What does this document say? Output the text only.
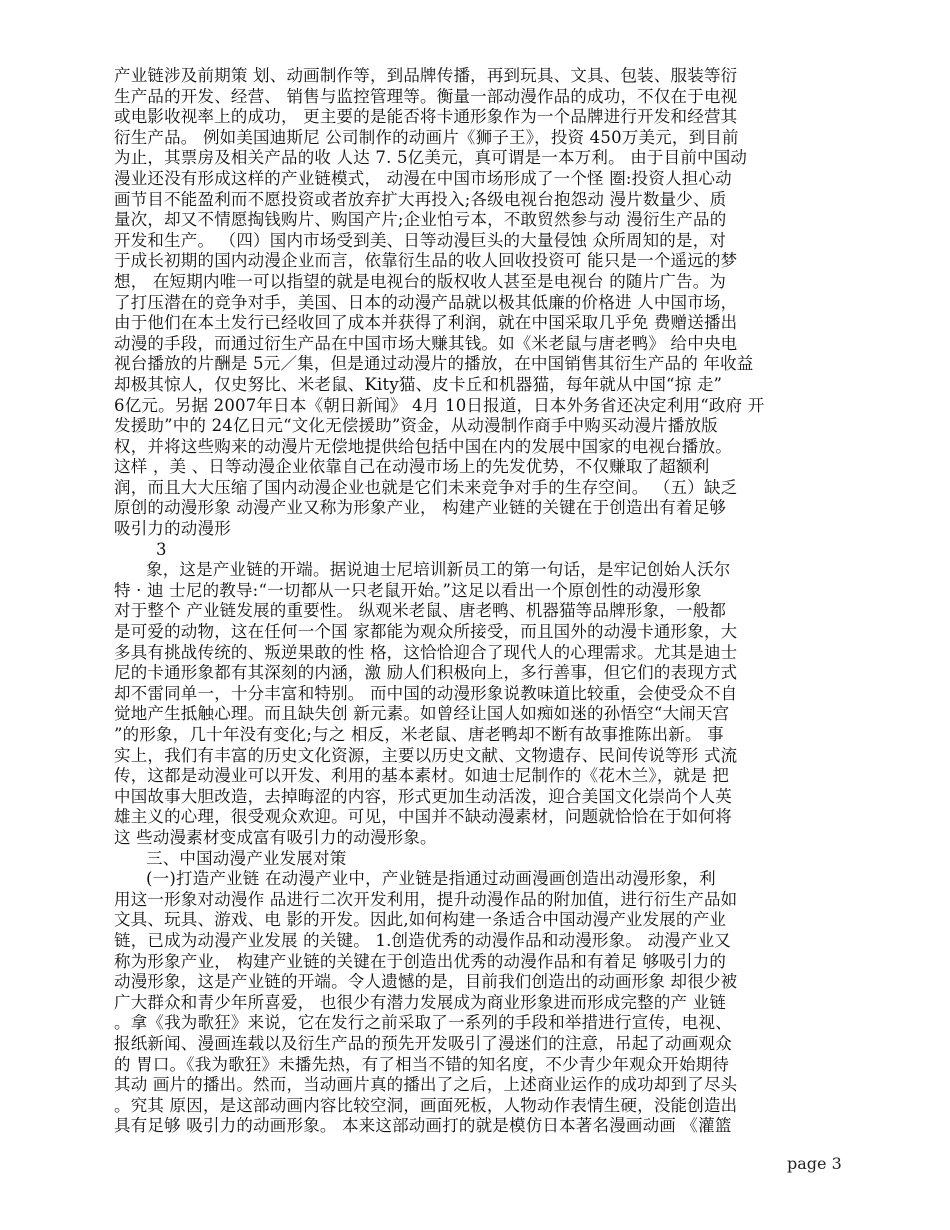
产业链涉及前期策 划、动画制作等，到品牌传播，再到玩具、文具、包装、服装等衍
生产品的开发、经营、 销售与监控管理等。衡量一部动漫作品的成功，不仅在于电视
或电影收视率上的成功， 更主要的是能否将卡通形象作为一个品牌进行开发和经营其
衍生产品。 例如美国迪斯尼 公司制作的动画片《狮子王》，投资 450万美元，到目前
为止，其票房及相关产品的收 人达 7. 5亿美元，真可谓是一本万利。 由于目前中国动
漫业还没有形成这样的产业链模式， 动漫在中国市场形成了一个怪 圈:投资人担心动
画节目不能盈利而不愿投资或者放弃扩大再投入;各级电视台抱怨动 漫片数量少、质
量次，却又不情愿掏钱购片、购国产片;企业怕亏本，不敢贸然参与动 漫衍生产品的
开发和生产。 （四）国内市场受到美、日等动漫巨头的大量侵蚀 众所周知的是，对
于成长初期的国内动漫企业而言，依靠衍生品的收人回收投资可 能只是一个遥远的梦
想， 在短期内唯一可以指望的就是电视台的版权收人甚至是电视台 的随片广告。为
了打压潜在的竞争对手，美国、日本的动漫产品就以极其低廉的价格进 人中国市场，
由于他们在本土发行已经收回了成本并获得了利润，就在中国采取几乎免 费赠送播出
动漫的手段，而通过衍生产品在中国市场大赚其钱。如《米老鼠与唐老鸭》 给中央电
视台播放的片酬是 5元／集，但是通过动漫片的播放，在中国销售其衍生产品的 年收益
却极其惊人，仅史努比、米老鼠、Kity猫、皮卡丘和机器猫，每年就从中国“掠 走”
6亿元。另据 2007年日本《朝日新闻》 4月 10日报道，日本外务省还决定利用“政府 开
发援助”中的 24亿日元“文化无偿援助”资金，从动漫制作商手中购买动漫片播放版
权，并将这些购来的动漫片无偿地提供给包括中国在内的发展中国家的电视台播放。
这样 ，美 、日等动漫企业依靠自己在动漫市场上的先发优势，不仅赚取了超额利
润，而且大大压缩了国内动漫企业也就是它们未来竞争对手的生存空间。 （五）缺乏
原创的动漫形象 动漫产业又称为形象产业， 构建产业链的关键在于创造出有着足够
吸引力的动漫形
3
象，这是产业链的开端。据说迪士尼培训新员工的第一句话，是牢记创始人沃尔
特 · 迪 士尼的教导:“一切都从一只老鼠开始。”这足以看出一个原创性的动漫形象
对于整个 产业链发展的重要性。 纵观米老鼠、唐老鸭、机器猫等品牌形象，一般都
是可爱的动物，这在任何一个国 家都能为观众所接受，而且国外的动漫卡通形象，大
多具有挑战传统的、叛逆果敢的性 格，这恰恰迎合了现代人的心理需求。尤其是迪士
尼的卡通形象都有其深刻的内涵，激 励人们积极向上，多行善事，但它们的表现方式
却不雷同单一，十分丰富和特别。 而中国的动漫形象说教味道比较重，会使受众不自
觉地产生抵触心理。而且缺失创 新元素。如曾经让国人如痴如迷的孙悟空“大闹天宫
”的形象，几十年没有变化;与之 相反，米老鼠、唐老鸭却不断有故事推陈出新。 事
实上，我们有丰富的历史文化资源，主要以历史文献、文物遗存、民间传说等形 式流
传，这都是动漫业可以开发、利用的基本素材。如迪士尼制作的《花木兰》，就是 把
中国故事大胆改造，去掉晦涩的内容，形式更加生动活泼，迎合美国文化崇尚个人英
雄主义的心理，很受观众欢迎。可见，中国并不缺动漫素材，问题就恰恰在于如何将
这 些动漫素材变成富有吸引力的动漫形象。
三、中国动漫产业发展对策
(一)打造产业链 在动漫产业中，产业链是指通过动画漫画创造出动漫形象，利
用这一形象对动漫作 品进行二次开发利用，提升动漫作品的附加值，进行衍生产品如
文具、玩具、游戏、电 影的开发。因此,如何构建一条适合中国动漫产业发展的产业
链，已成为动漫产业发展 的关键。 1.创造优秀的动漫作品和动漫形象。 动漫产业又
称为形象产业， 构建产业链的关键在于创造出优秀的动漫作品和有着足 够吸引力的
动漫形象，这是产业链的开端。令人遗憾的是，目前我们创造出的动画形象 却很少被
广大群众和青少年所喜爱， 也很少有潜力发展成为商业形象进而形成完整的产 业链
。拿《我为歌狂》来说，它在发行之前采取了一系列的手段和举措进行宣传，电视、
报纸新闻、漫画连载以及衍生产品的预先开发吸引了漫迷们的注意，吊起了动画观众
的 胃口。《我为歌狂》未播先热，有了相当不错的知名度，不少青少年观众开始期待
其动 画片的播出。然而，当动画片真的播出了之后，上述商业运作的成功却到了尽头
。究其 原因，是这部动画内容比较空洞，画面死板，人物动作表情生硬，没能创造出
具有足够 吸引力的动画形象。 本来这部动画打的就是模仿日本著名漫画动画 《灌篮
page 3
